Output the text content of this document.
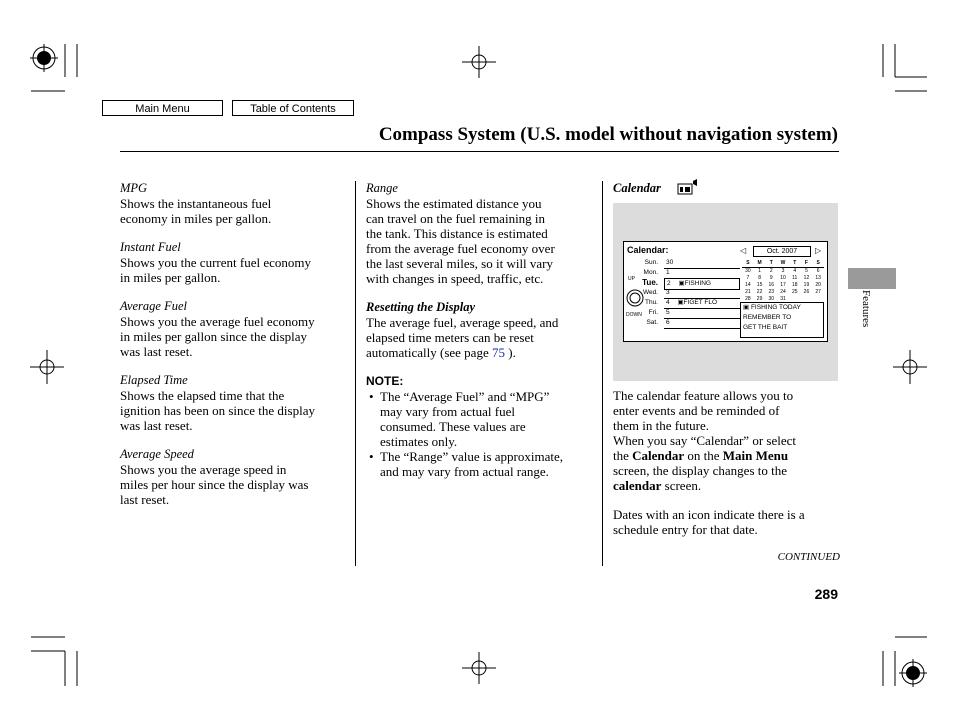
Main Menu	Table of Contents
Compass System (U.S. model without navigation system)

MPG

Shows the instantaneous fuel

economy in miles per gallon.

Instant Fuel

Shows you the current fuel economy

in miles per gallon.

Average Fuel

Shows you the average fuel economy

in miles per gallon since the display

was last reset.

Elapsed Time

Shows the elapsed time that the

ignition has been on since the display

was last reset.

Average Speed

Shows you the average speed in

miles per hour since the display was

last reset.

Range

Shows the estimated distance you

can travel on the fuel remaining in

the tank. This distance is estimated

from the average fuel economy over

the last several miles, so it will vary

with changes in speed, traffic, etc.

Resetting the Display

The average fuel, average speed, and

elapsed time meters can be reset

automatically (see page 75 ).

NOTE:

• The “Average Fuel” and “MPG”
may vary from actual fuel
consumed. These values are
estimates only.
• The “Range” value is approximate,
and may vary from actual range.
Calendar
Calendar:	◁	Oct. 2007	▷
UP
DOWN
Sun.	30
Mon.	1
Tue.	2 ▣FISHING
Wed.	3
Thu.	4 ▣FIGET FLO
Fri.	5
Sat.	6
S	M	T	W	T	F	S
30	1	2	3	4	5	6
7	8	9	10	11	12	13
14	15	16	17	18	19	20
21	22	23	24	25	26	27
28	29	30	31
▣ FISHING TODAY
REMEMBER TO
GET THE BAIT

The calendar feature allows you to

enter events and be reminded of

them in the future.

When you say “Calendar” or select

the Calendar on the Main Menu

screen, the display changes to the

calendar screen.

Dates with an icon indicate there is a

schedule entry for that date.

CONTINUED
289
Features
